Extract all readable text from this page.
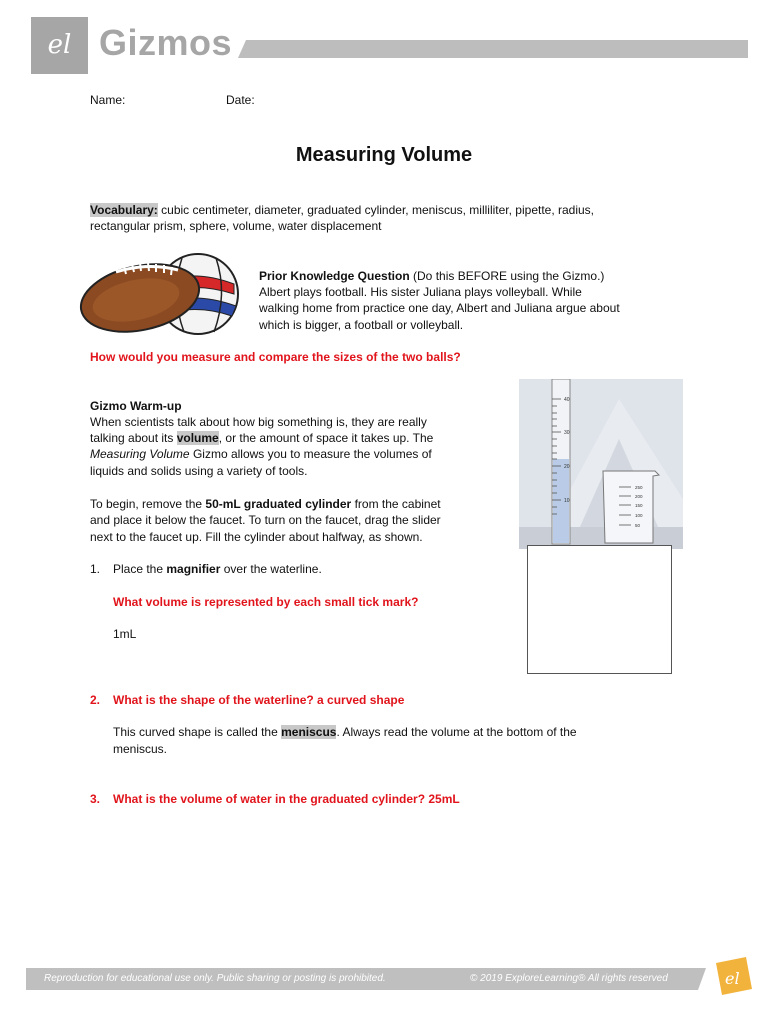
el Gizmos
Name:	Date:
Measuring Volume
Vocabulary: cubic centimeter, diameter, graduated cylinder, meniscus, milliliter, pipette, radius,
rectangular prism, sphere, volume, water displacement
Prior Knowledge Question (Do this BEFORE using the Gizmo.)
Albert plays football. His sister Juliana plays volleyball. While
walking home from practice one day, Albert and Juliana argue about
which is bigger, a football or volleyball.
How would you measure and compare the sizes of the two balls?
Gizmo Warm-up
When scientists talk about how big something is, they are really
talking about its volume, or the amount of space it takes up. The
Measuring Volume Gizmo allows you to measure the volumes of
liquids and solids using a variety of tools.
To begin, remove the 50-mL graduated cylinder from the cabinet
and place it below the faucet. To turn on the faucet, drag the slider
next to the faucet up. Fill the cylinder about halfway, as shown.
40
30
20
10
250
200
150
100
50
1. Place the magnifier over the waterline.
What volume is represented by each small tick mark?
1mL
2. What is the shape of the waterline? a curved shape
This curved shape is called the meniscus. Always read the volume at the bottom of the
meniscus.
3. What is the volume of water in the graduated cylinder? 25mL
Reproduction for educational use only. Public sharing or posting is prohibited.	© 2019 ExploreLearning® All rights reserved	el
